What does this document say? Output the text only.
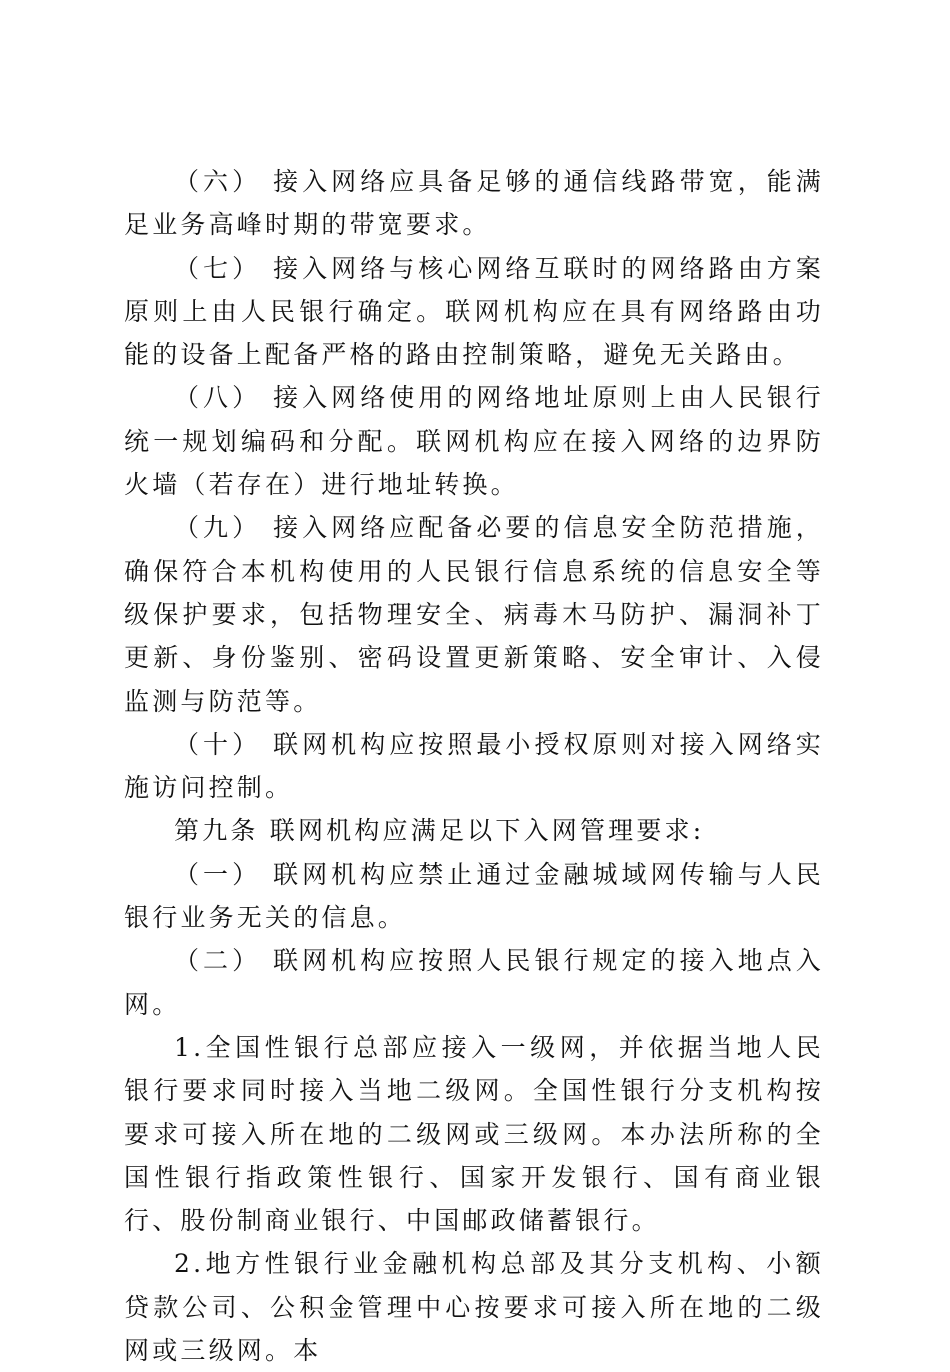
（六） 接入网络应具备足够的通信线路带宽，能满足业务高峰时期的带宽要求。

（七） 接入网络与核心网络互联时的网络路由方案原则上由人民银行确定。联网机构应在具有网络路由功能的设备上配备严格的路由控制策略，避免无关路由。

（八） 接入网络使用的网络地址原则上由人民银行统一规划编码和分配。联网机构应在接入网络的边界防火墙（若存在）进行地址转换。

（九） 接入网络应配备必要的信息安全防范措施，确保符合本机构使用的人民银行信息系统的信息安全等级保护要求，包括物理安全、病毒木马防护、漏洞补丁更新、身份鉴别、密码设置更新策略、安全审计、入侵监测与防范等。

（十） 联网机构应按照最小授权原则对接入网络实施访问控制。

第九条 联网机构应满足以下入网管理要求:

（一） 联网机构应禁止通过金融城域网传输与人民银行业务无关的信息。

（二） 联网机构应按照人民银行规定的接入地点入网。

1.全国性银行总部应接入一级网，并依据当地人民银行要求同时接入当地二级网。全国性银行分支机构按要求可接入所在地的二级网或三级网。本办法所称的全国性银行指政策性银行、国家开发银行、国有商业银行、股份制商业银行、中国邮政储蓄银行。

2.地方性银行业金融机构总部及其分支机构、小额贷款公司、公积金管理中心按要求可接入所在地的二级网或三级网。本
